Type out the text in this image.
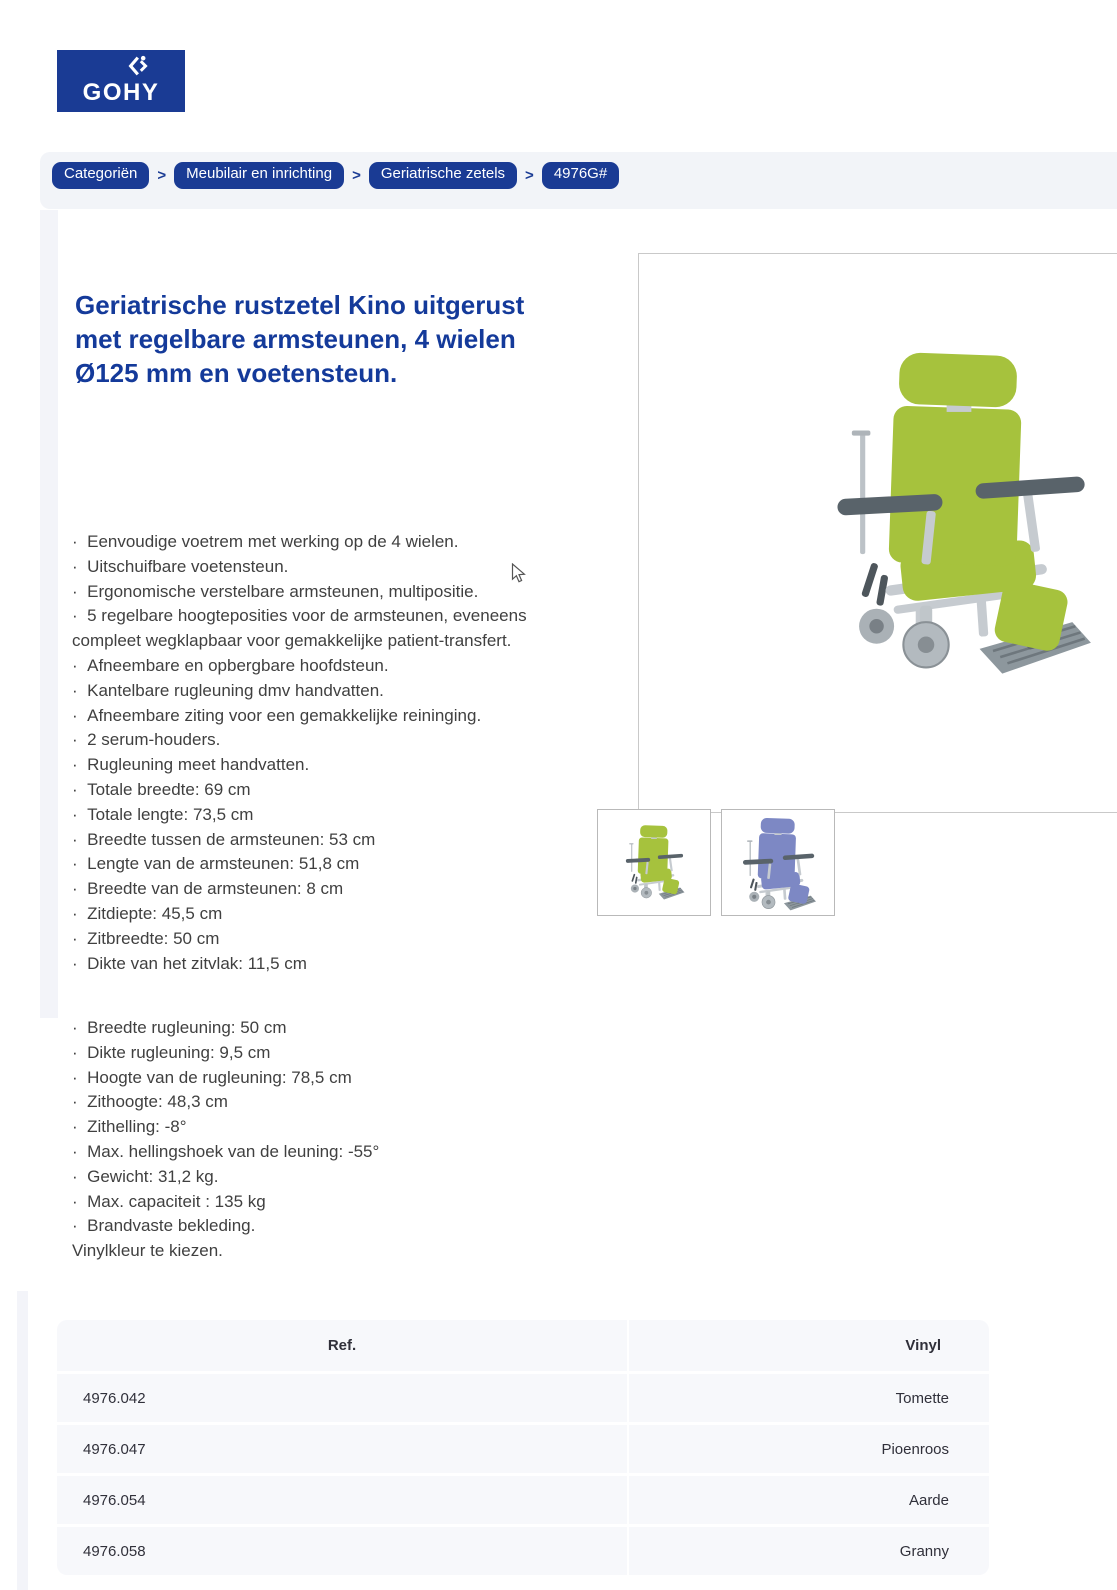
GOHY
Categoriën	>	Meubilair en inrichting	>	Geriatrische zetels	>	4976G#
Geriatrische rustzetel Kino uitgerust met regelbare armsteunen, 4 wielen Ø125 mm en voetensteun.
·  Eenvoudige voetrem met werking op de 4 wielen.
·  Uitschuifbare voetensteun.
·  Ergonomische verstelbare armsteunen, multipositie.
·  5 regelbare hoogteposities voor de armsteunen, eveneens compleet wegklapbaar voor gemakkelijke patient-transfert.
·  Afneembare en opbergbare hoofdsteun.
·  Kantelbare rugleuning dmv handvatten.
·  Afneembare ziting voor een gemakkelijke reininging.
·  2 serum-houders.
·  Rugleuning meet handvatten.
·  Totale breedte: 69 cm
·  Totale lengte: 73,5 cm
·  Breedte tussen de armsteunen: 53 cm
·  Lengte van de armsteunen: 51,8 cm
·  Breedte van de armsteunen: 8 cm
·  Zitdiepte: 45,5 cm
·  Zitbreedte: 50 cm
·  Dikte van het zitvlak: 11,5 cm
·  Breedte rugleuning: 50 cm
·  Dikte rugleuning: 9,5 cm
·  Hoogte van de rugleuning: 78,5 cm
·  Zithoogte: 48,3 cm
·  Zithelling: -8°
·  Max. hellingshoek van de leuning: -55°
·  Gewicht: 31,2 kg.
·  Max. capaciteit : 135 kg
·  Brandvaste bekleding.

Vinylkleur te kiezen.

Ref.	Vinyl
4976.042	Tomette
4976.047	Pioenroos
4976.054	Aarde
4976.058	Granny
